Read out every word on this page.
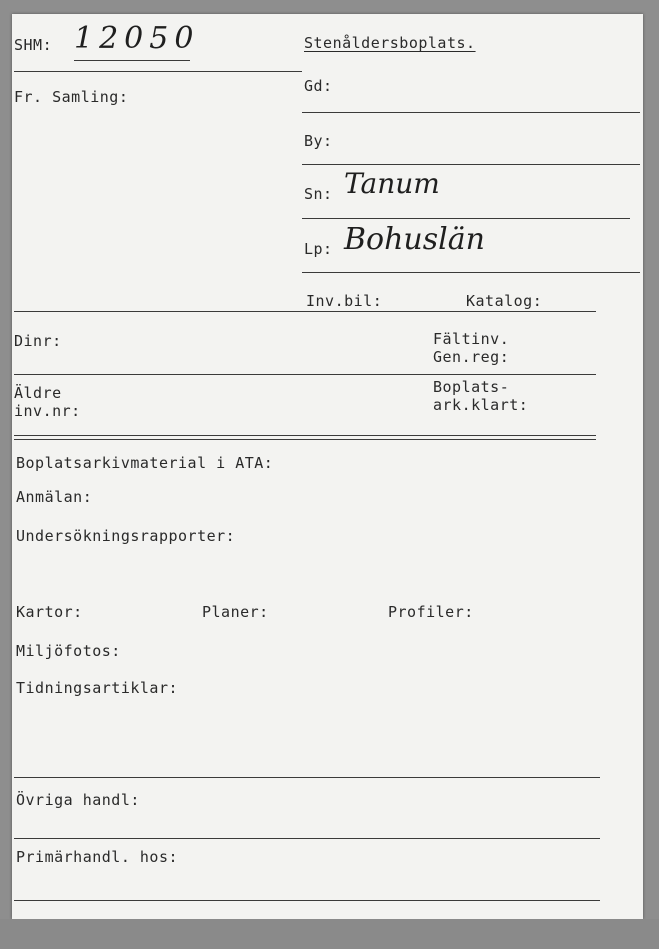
SHM: 12050	Stenåldersboplats.
Fr. Samling:
Gd:
By:
Sn: Tanum
Lp: Bohuslän
Inv.bil:	Katalog:
Dinr:	Fältinv.
Gen.reg:
Äldre
inv.nr:
Boplats-
ark.klart:
Boplatsarkivmaterial i ATA:
Anmälan:
Undersökningsrapporter:
Kartor:	Planer:	Profiler:
Miljöfotos:
Tidningsartiklar:
Övriga handl:
Primärhandl. hos:
